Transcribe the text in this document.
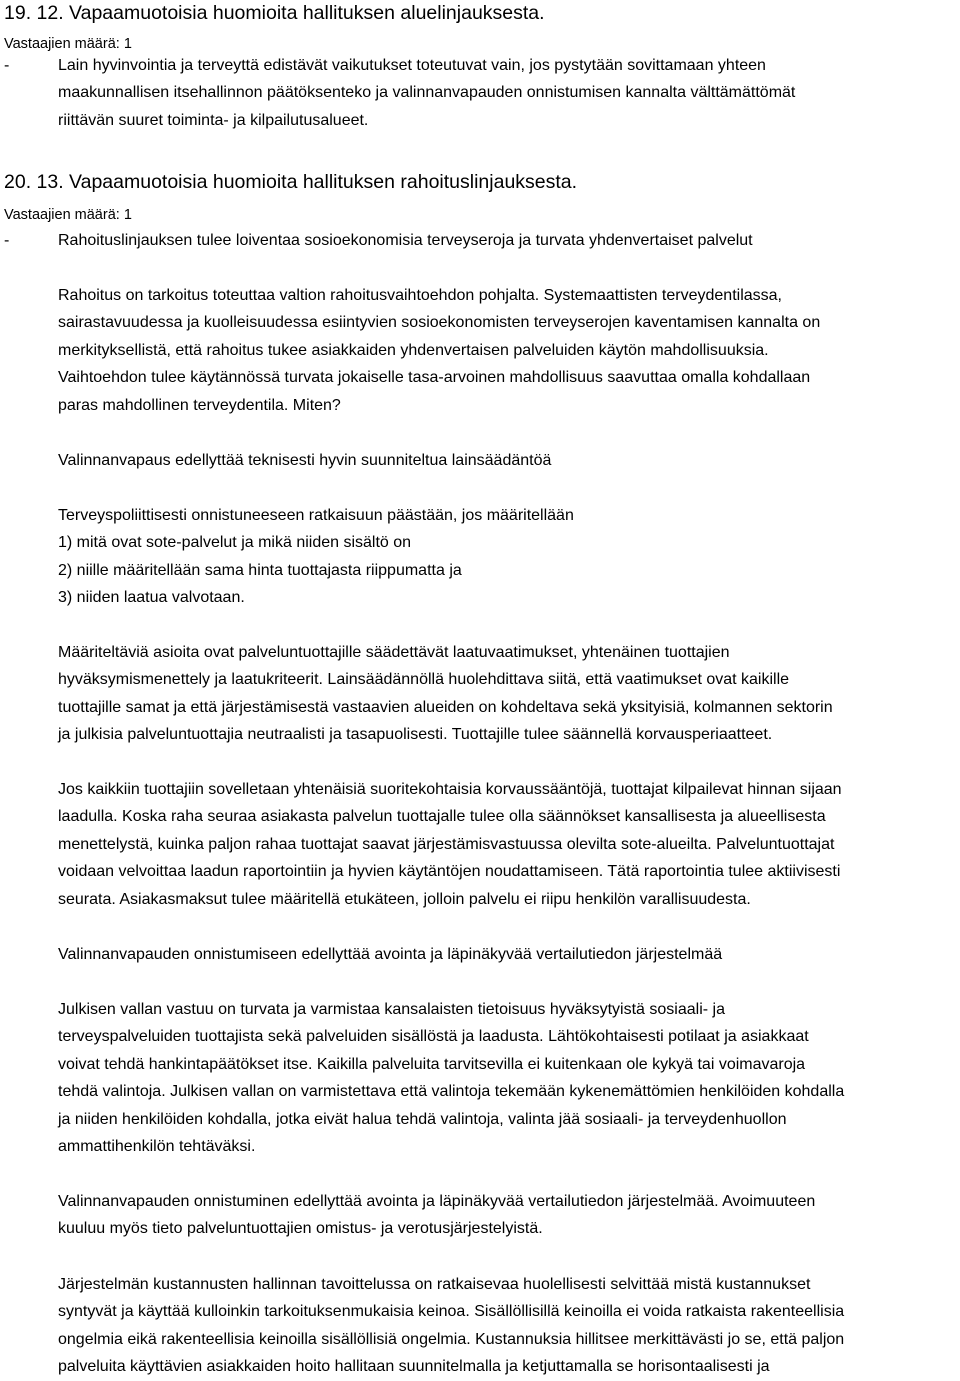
19. 12. Vapaamuotoisia huomioita hallituksen aluelinjauksesta.
Vastaajien määrä: 1
-	Lain hyvinvointia ja terveyttä edistävät vaikutukset toteutuvat vain, jos pystytään sovittamaan yhteen

maakunnallisen itsehallinnon päätöksenteko ja valinnanvapauden onnistumisen kannalta välttämättömät

riittävän suuret toiminta- ja kilpailutusalueet.

20. 13. Vapaamuotoisia huomioita hallituksen rahoituslinjauksesta.
Vastaajien määrä: 1
-	Rahoituslinjauksen tulee loiventaa sosioekonomisia terveyseroja ja turvata yhdenvertaiset palvelut

Rahoitus on tarkoitus toteuttaa valtion rahoitusvaihtoehdon pohjalta. Systemaattisten terveydentilassa,

sairastavuudessa ja kuolleisuudessa esiintyvien sosioekonomisten terveyserojen kaventamisen kannalta on

merkityksellistä, että rahoitus tukee asiakkaiden yhdenvertaisen palveluiden käytön mahdollisuuksia.

Vaihtoehdon tulee käytännössä turvata jokaiselle tasa-arvoinen mahdollisuus saavuttaa omalla kohdallaan

paras mahdollinen terveydentila. Miten?

Valinnanvapaus edellyttää teknisesti hyvin suunniteltua lainsäädäntöä

Terveyspoliittisesti onnistuneeseen ratkaisuun päästään, jos määritellään

1) mitä ovat sote-palvelut ja mikä niiden sisältö on

2) niille määritellään sama hinta tuottajasta riippumatta ja

3) niiden laatua valvotaan.

Määriteltäviä asioita ovat palveluntuottajille säädettävät laatuvaatimukset, yhtenäinen tuottajien

hyväksymismenettely ja laatukriteerit. Lainsäädännöllä huolehdittava siitä, että vaatimukset ovat kaikille

tuottajille samat ja että järjestämisestä vastaavien alueiden on kohdeltava sekä yksityisiä, kolmannen sektorin

ja julkisia palveluntuottajia neutraalisti ja tasapuolisesti. Tuottajille tulee säännellä korvausperiaatteet.

Jos kaikkiin tuottajiin sovelletaan yhtenäisiä suoritekohtaisia korvaussääntöjä, tuottajat kilpailevat hinnan sijaan

laadulla. Koska raha seuraa asiakasta palvelun tuottajalle tulee olla säännökset kansallisesta ja alueellisesta

menettelystä, kuinka paljon rahaa tuottajat saavat järjestämisvastuussa olevilta sote-alueilta. Palveluntuottajat

voidaan velvoittaa laadun raportointiin ja hyvien käytäntöjen noudattamiseen. Tätä raportointia tulee aktiivisesti

seurata. Asiakasmaksut tulee määritellä etukäteen, jolloin palvelu ei riipu henkilön varallisuudesta.

Valinnanvapauden onnistumiseen edellyttää avointa ja läpinäkyvää vertailutiedon järjestelmää

Julkisen vallan vastuu on turvata ja varmistaa kansalaisten tietoisuus hyväksytyistä sosiaali- ja

terveyspalveluiden tuottajista sekä palveluiden sisällöstä ja laadusta. Lähtökohtaisesti potilaat ja asiakkaat

voivat tehdä hankintapäätökset itse. Kaikilla palveluita tarvitsevilla ei kuitenkaan ole kykyä tai voimavaroja

tehdä valintoja. Julkisen vallan on varmistettava että valintoja tekemään kykenemättömien henkilöiden kohdalla

ja niiden henkilöiden kohdalla, jotka eivät halua tehdä valintoja, valinta jää sosiaali- ja terveydenhuollon

ammattihenkilön tehtäväksi.

Valinnanvapauden onnistuminen edellyttää avointa ja läpinäkyvää vertailutiedon järjestelmää. Avoimuuteen

kuuluu myös tieto palveluntuottajien omistus- ja verotusjärjestelyistä.

Järjestelmän kustannusten hallinnan tavoittelussa on ratkaisevaa huolellisesti selvittää mistä kustannukset

syntyvät ja käyttää kulloinkin tarkoituksenmukaisia keinoa. Sisällöllisillä keinoilla ei voida ratkaista rakenteellisia

ongelmia eikä rakenteellisia keinoilla sisällöllisiä ongelmia. Kustannuksia hillitsee merkittävästi jo se, että paljon

palveluita käyttävien asiakkaiden hoito hallitaan suunnitelmalla ja ketjuttamalla se horisontaalisesti ja
